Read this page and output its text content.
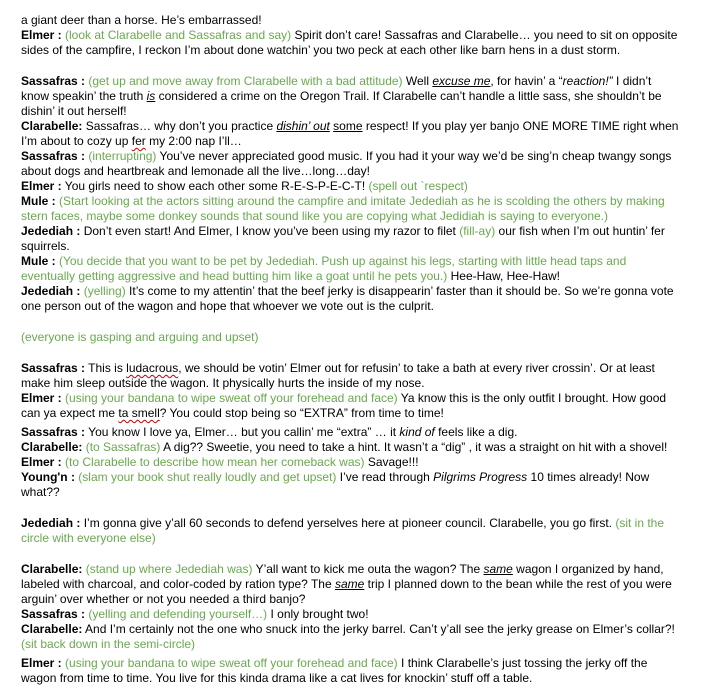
a giant deer than a horse. He’s embarrassed!
Elmer : (look at Clarabelle and Sassafras and say) Spirit don’t care! Sassafras and Clarabelle… you need to sit on opposite
sides of the campfire, I reckon I’m about done watchin’ you two peck at each other like barn hens in a dust storm.
Sassafras : (get up and move away from Clarabelle with a bad attitude) Well excuse me, for havin’ a “reaction!” I didn’t
know speakin’ the truth is considered a crime on the Oregon Trail. If Clarabelle can’t handle a little sass, she shouldn’t be
dishin’ it out herself!
Clarabelle: Sassafras… why don’t you practice dishin’ out some respect! If you play yer banjo ONE MORE TIME right when
I’m about to cozy up fer my 2:00 nap I’ll…
Sassafras : (interrupting) You’ve never appreciated good music. If you had it your way we’d be sing’n cheap twangy songs
about dogs and heartbreak and lemonade all the live…long…day!
Elmer : You girls need to show each other some R-E-S-P-E-C-T! (spell out `respect)
Mule : (Start looking at the actors sitting around the campfire and imitate Jedediah as he is scolding the others by making
stern faces, maybe some donkey sounds that sound like you are copying what Jedidiah is saying to everyone.)
Jedediah : Don’t even start! And Elmer, I know you’ve been using my razor to filet (fill-ay) our fish when I’m out huntin’ fer
squirrels.
Mule : (You decide that you want to be pet by Jedediah. Push up against his legs, starting with little head taps and
eventually getting aggressive and head butting him like a goat until he pets you.) Hee-Haw, Hee-Haw!
Jedediah : (yelling) It’s come to my attentin’ that the beef jerky is disappearin’ faster than it should be. So we’re gonna vote
one person out of the wagon and hope that whoever we vote out is the culprit.
(everyone is gasping and arguing and upset)
Sassafras : This is ludacrous, we should be votin’ Elmer out for refusin’ to take a bath at every river crossin’. Or at least
make him sleep outside the wagon. It physically hurts the inside of my nose.
Elmer : (using your bandana to wipe sweat off your forehead and face) Ya know this is the only outfit I brought. How good
can ya expect me ta smell? You could stop being so “EXTRA” from time to time!
Sassafras : You know I love ya, Elmer… but you callin’ me “extra” … it kind of feels like a dig.
Clarabelle: (to Sassafras) A dig?? Sweetie, you need to take a hint. It wasn’t a “dig” , it was a straight on hit with a shovel!
Elmer : (to Clarabelle to describe how mean her comeback was) Savage!!!
Young'n : (slam your book shut really loudly and get upset) I’ve read through Pilgrims Progress 10 times already! Now
what??
Jedediah : I’m gonna give y’all 60 seconds to defend yerselves here at pioneer council. Clarabelle, you go first. (sit in the
circle with everyone else)
Clarabelle: (stand up where Jedediah was) Y’all want to kick me outa the wagon? The same wagon I organized by hand,
labeled with charcoal, and color-coded by ration type? The same trip I planned down to the bean while the rest of you were
arguin’ over whether or not you needed a third banjo?
Sassafras : (yelling and defending yourself…) I only brought two!
Clarabelle: And I’m certainly not the one who snuck into the jerky barrel. Can’t y’all see the jerky grease on Elmer’s collar?!
(sit back down in the semi-circle)
Elmer : (using your bandana to wipe sweat off your forehead and face) I think Clarabelle’s just tossing the jerky off the
wagon from time to time. You live for this kinda drama like a cat lives for knockin’ stuff off a table.
